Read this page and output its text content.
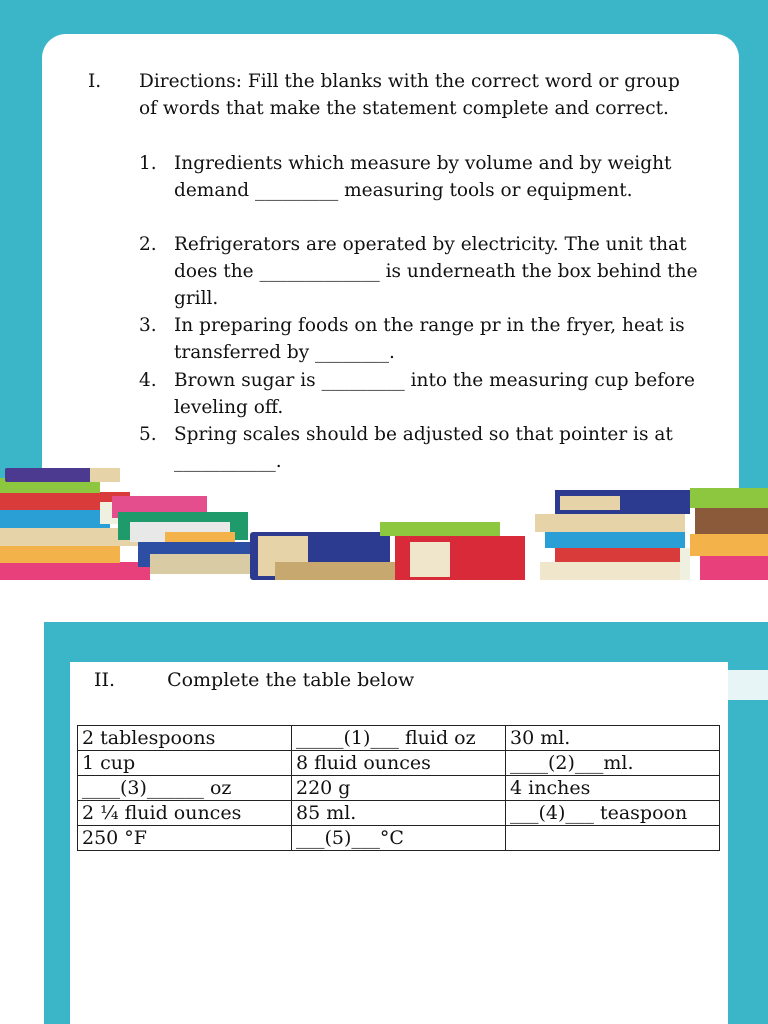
I. Directions: Fill the blanks with the correct word or group of words that make the statement complete and correct.
1. Ingredients which measure by volume and by weight demand _________ measuring tools or equipment.
2. Refrigerators are operated by electricity. The unit that does the _____________ is underneath the box behind the grill.
3. In preparing foods on the range pr in the fryer, heat is transferred by ________.
4. Brown sugar is _________ into the measuring cup before leveling off.
5. Spring scales should be adjusted so that pointer is at ___________.
II.	Complete the table below
2 tablespoons	_____(1)___ fluid oz	30 ml.
1 cup	8 fluid ounces	____(2)___ml.
____(3)______ oz	220 g	4 inches
2 ¼ fluid ounces	85 ml.	___(4)___ teaspoon
250 °F	___(5)___°C	
